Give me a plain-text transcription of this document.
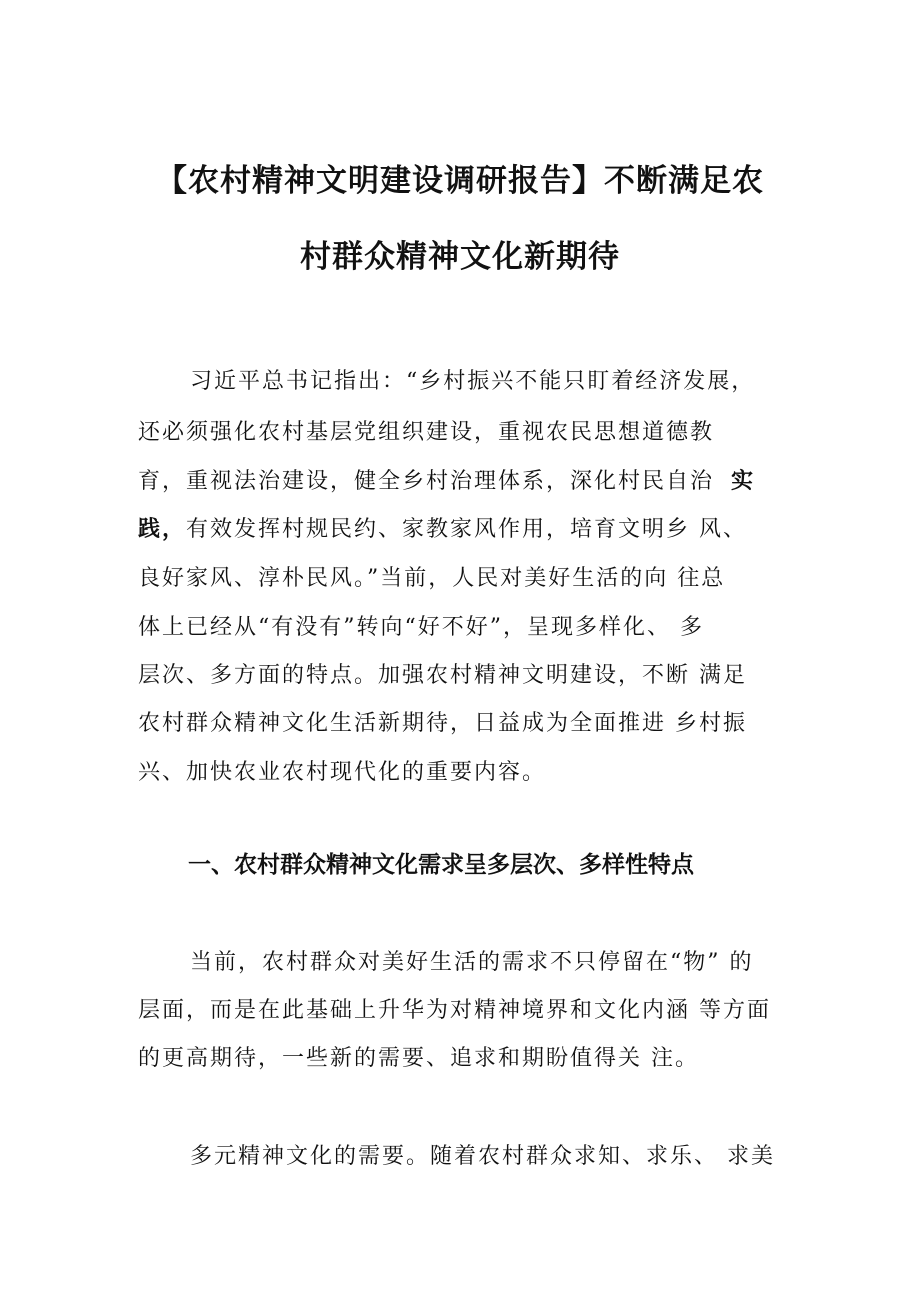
【农村精神文明建设调研报告】不断满足农
村群众精神文化新期待
习近平总书记指出：“乡村振兴不能只盯着经济发展，
还必须强化农村基层党组织建设，重视农民思想道德教
育，重视法治建设，健全乡村治理体系，深化村民自治 实
践，有效发挥村规民约、家教家风作用，培育文明乡 风、
良好家风、淳朴民风。”当前，人民对美好生活的向 往总
体上已经从“有没有”转向“好不好”，呈现多样化、 多
层次、多方面的特点。加强农村精神文明建设，不断 满足
农村群众精神文化生活新期待，日益成为全面推进 乡村振
兴、加快农业农村现代化的重要内容。
一、农村群众精神文化需求呈多层次、多样性特点
当前，农村群众对美好生活的需求不只停留在“物” 的
层面，而是在此基础上升华为对精神境界和文化内涵 等方面
的更高期待，一些新的需要、追求和期盼值得关 注。
多元精神文化的需要。随着农村群众求知、求乐、 求美
